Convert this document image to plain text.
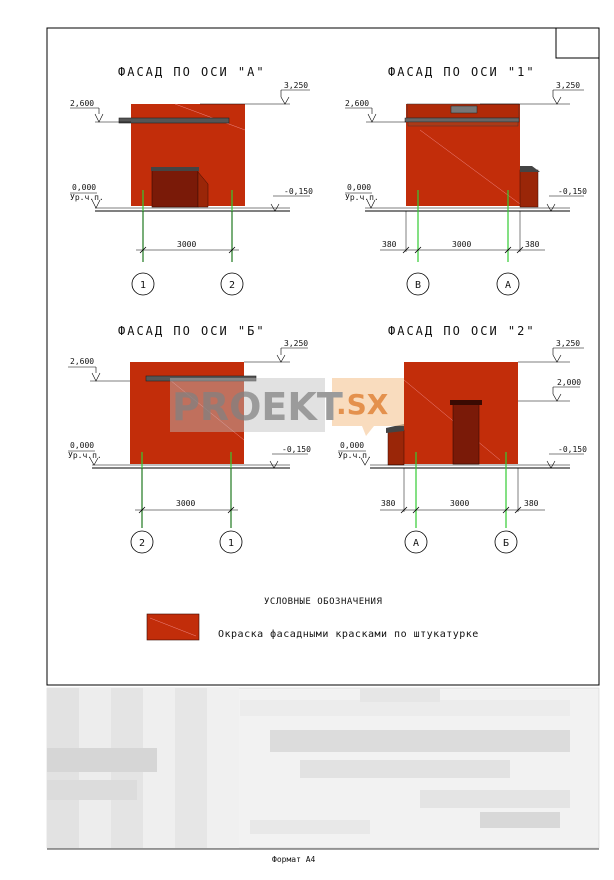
ФАСАД ПО ОСИ "А"
3,250
2,600
0,000
Ур.ч.п.
-0,150
3000
1	2
ФАСАД ПО ОСИ "1"
3,250
2,600
0,000
Ур.ч.п.
-0,150
380	3000	380
В	А
ФАСАД ПО ОСИ "Б"
3,250
2,600
0,000
Ур.ч.п.
-0,150
3000
2	1
ФАСАД ПО ОСИ "2"
3,250
2,000
0,000
Ур.ч.п.
-0,150
380	3000	380
А	Б
PROEKT
.SX
УСЛОВНЫЕ ОБОЗНАЧЕНИЯ
Окраска фасадными красками по штукатурке
Формат А4
